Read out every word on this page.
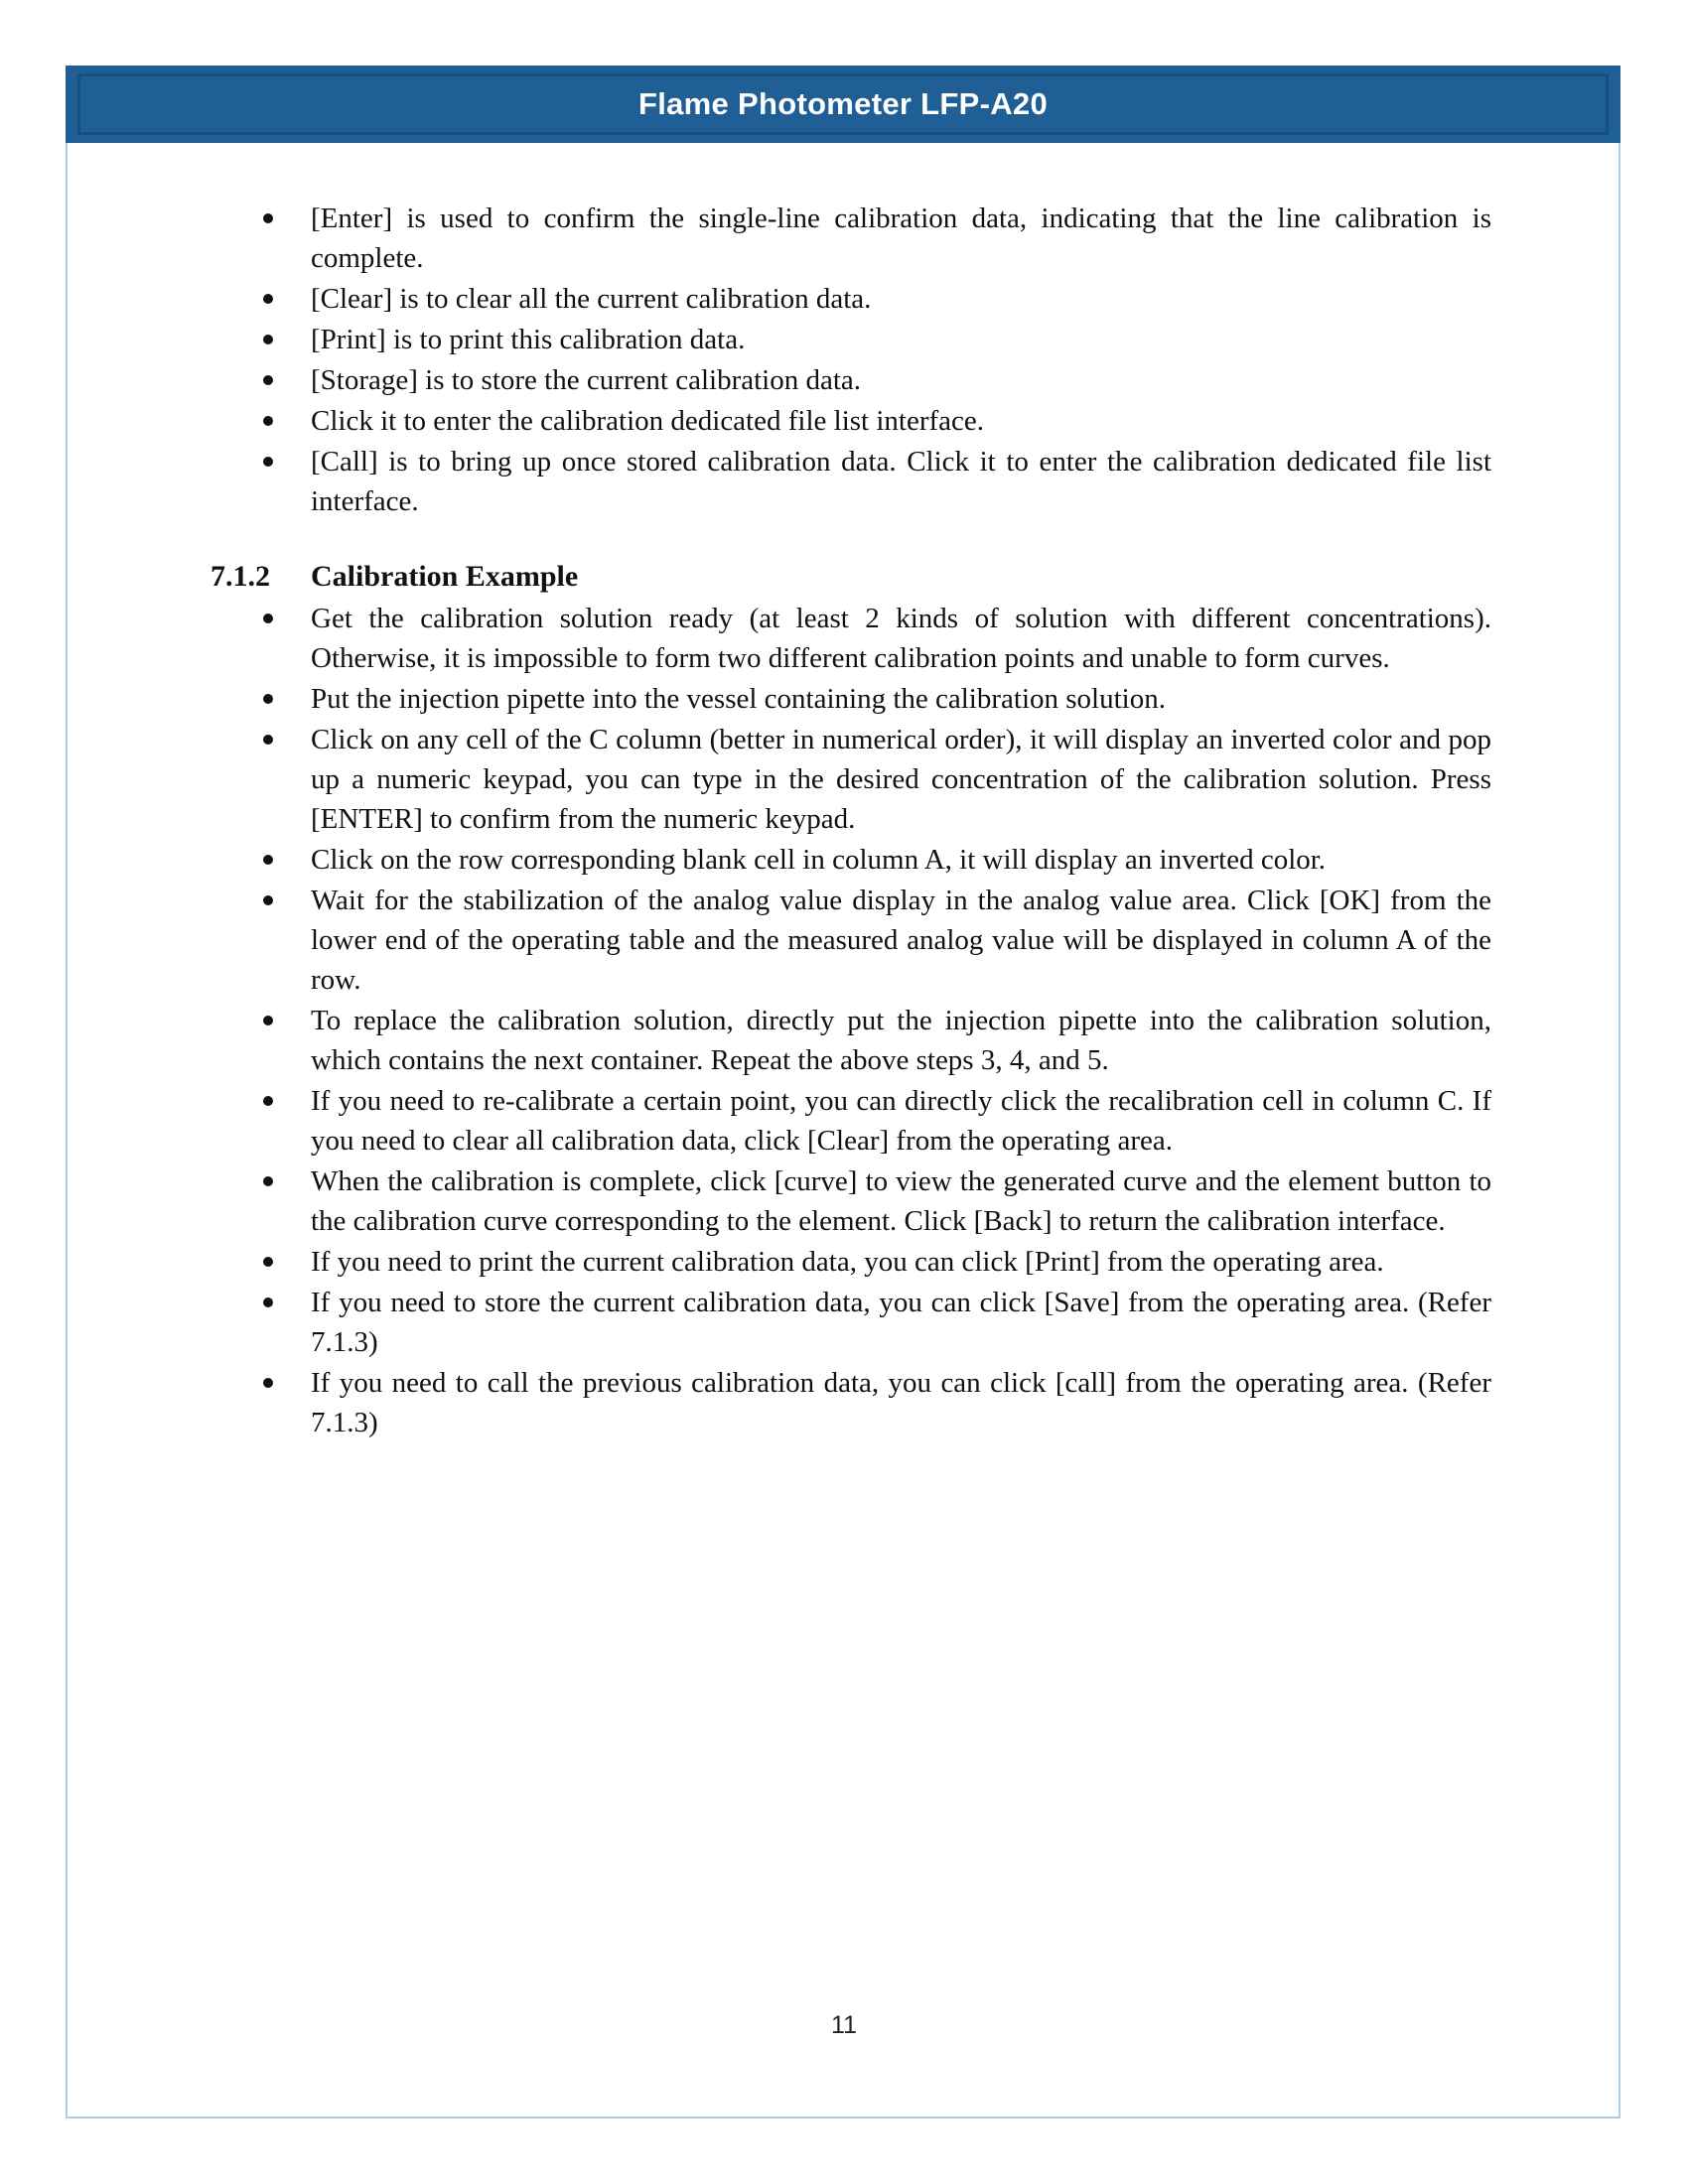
Flame Photometer LFP-A20
[Enter] is used to confirm the single-line calibration data, indicating that the line calibration is complete.
[Clear] is to clear all the current calibration data.
[Print] is to print this calibration data.
[Storage] is to store the current calibration data.
Click it to enter the calibration dedicated file list interface.
[Call] is to bring up once stored calibration data. Click it to enter the calibration dedicated file list interface.
7.1.2	Calibration Example
Get the calibration solution ready (at least 2 kinds of solution with different concentrations). Otherwise, it is impossible to form two different calibration points and unable to form curves.
Put the injection pipette into the vessel containing the calibration solution.
Click on any cell of the C column (better in numerical order), it will display an inverted color and pop up a numeric keypad, you can type in the desired concentration of the calibration solution. Press [ENTER] to confirm from the numeric keypad.
Click on the row corresponding blank cell in column A, it will display an inverted color.
Wait for the stabilization of the analog value display in the analog value area. Click [OK] from the lower end of the operating table and the measured analog value will be displayed in column A of the row.
To replace the calibration solution, directly put the injection pipette into the calibration solution, which contains the next container. Repeat the above steps 3, 4, and 5.
If you need to re-calibrate a certain point, you can directly click the recalibration cell in column C. If you need to clear all calibration data, click [Clear] from the operating area.
When the calibration is complete, click [curve] to view the generated curve and the element button to the calibration curve corresponding to the element. Click [Back] to return the calibration interface.
If you need to print the current calibration data, you can click [Print] from the operating area.
If you need to store the current calibration data, you can click [Save] from the operating area. (Refer 7.1.3)
If you need to call the previous calibration data, you can click [call] from the operating area. (Refer 7.1.3)
11
